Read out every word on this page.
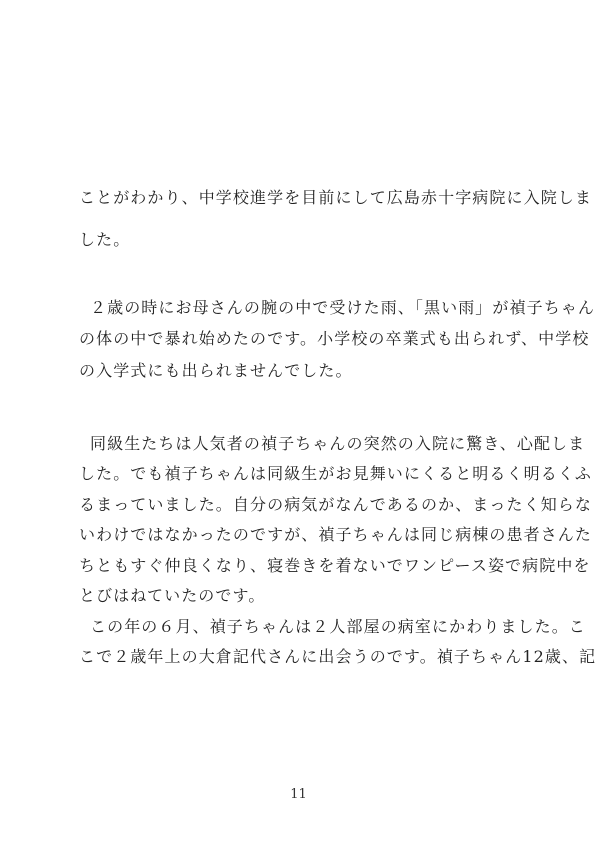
ことがわかり、中学校進学を目前にして広島赤十字病院に入院しま

した。

２歳の時にお母さんの腕の中で受けた雨、「黒い雨」が禎子ちゃん

の体の中で暴れ始めたのです。小学校の卒業式も出られず、中学校

の入学式にも出られませんでした。

同級生たちは人気者の禎子ちゃんの突然の入院に驚き、心配しま

した。でも禎子ちゃんは同級生がお見舞いにくると明るく明るくふ

るまっていました。自分の病気がなんであるのか、まったく知らな

いわけではなかったのですが、禎子ちゃんは同じ病棟の患者さんた

ちともすぐ仲良くなり、寝巻きを着ないでワンピース姿で病院中を

とびはねていたのです。

この年の６月、禎子ちゃんは２人部屋の病室にかわりました。こ

こで２歳年上の大倉記代さんに出会うのです。禎子ちゃん12歳、記

11
